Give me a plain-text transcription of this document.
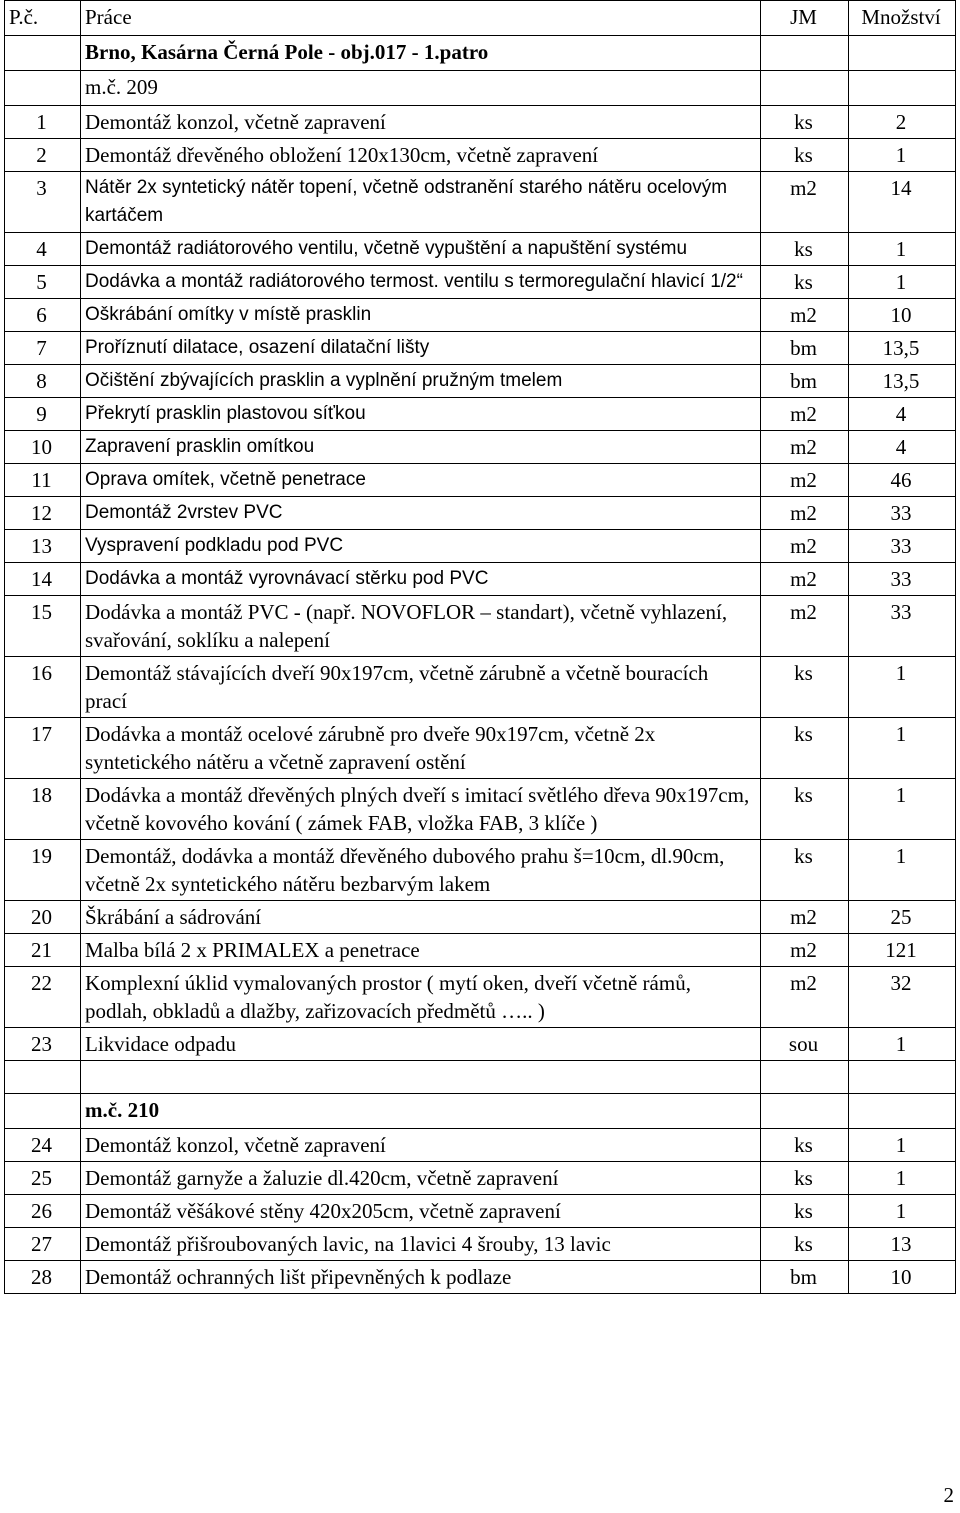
P.č.	Práce	JM	Množství
	Brno, Kasárna Černá Pole - obj.017 - 1.patro		
	m.č. 209		
1	Demontáž konzol, včetně zapravení	ks	2
2	Demontáž dřevěného obložení 120x130cm, včetně zapravení	ks	1
3	Nátěr 2x syntetický nátěr topení, včetně odstranění starého nátěru ocelovým kartáčem	m2	14
4	Demontáž radiátorového ventilu, včetně vypuštění a napuštění systému	ks	1
5	Dodávka a montáž radiátorového termost. ventilu s termoregulační hlavicí 1/2“	ks	1
6	Oškrábání omítky v místě prasklin	m2	10
7	Proříznutí dilatace, osazení dilatační lišty	bm	13,5
8	Očištění zbývajících prasklin a vyplnění pružným tmelem	bm	13,5
9	Překrytí prasklin plastovou síťkou	m2	4
10	Zapravení prasklin omítkou	m2	4
11	Oprava omítek, včetně penetrace	m2	46
12	Demontáž 2vrstev PVC	m2	33
13	Vyspravení podkladu pod PVC	m2	33
14	Dodávka a montáž vyrovnávací stěrku pod PVC	m2	33
15	Dodávka a montáž PVC - (např. NOVOFLOR – standart), včetně vyhlazení, svařování, soklíku a nalepení	m2	33
16	Demontáž stávajících dveří 90x197cm, včetně zárubně a včetně bouracích prací	ks	1
17	Dodávka a montáž ocelové zárubně pro dveře 90x197cm, včetně 2x syntetického nátěru a včetně zapravení ostění	ks	1
18	Dodávka a montáž dřevěných plných dveří s imitací světlého dřeva 90x197cm, včetně kovového kování ( zámek FAB, vložka FAB, 3 klíče )	ks	1
19	Demontáž, dodávka a montáž dřevěného dubového prahu š=10cm, dl.90cm, včetně 2x syntetického nátěru bezbarvým lakem	ks	1
20	Škrábání a sádrování	m2	25
21	Malba bílá 2 x PRIMALEX a penetrace	m2	121
22	Komplexní úklid vymalovaných prostor ( mytí oken, dveří včetně rámů, podlah, obkladů a dlažby, zařizovacích předmětů ….. )	m2	32
23	Likvidace odpadu	sou	1

	m.č. 210		
24	Demontáž konzol, včetně zapravení	ks	1
25	Demontáž garnyže a žaluzie dl.420cm, včetně zapravení	ks	1
26	Demontáž věšákové stěny 420x205cm, včetně zapravení	ks	1
27	Demontáž přišroubovaných lavic, na 1lavici 4 šrouby, 13 lavic	ks	13
28	Demontáž ochranných lišt připevněných k podlaze	bm	10
2
